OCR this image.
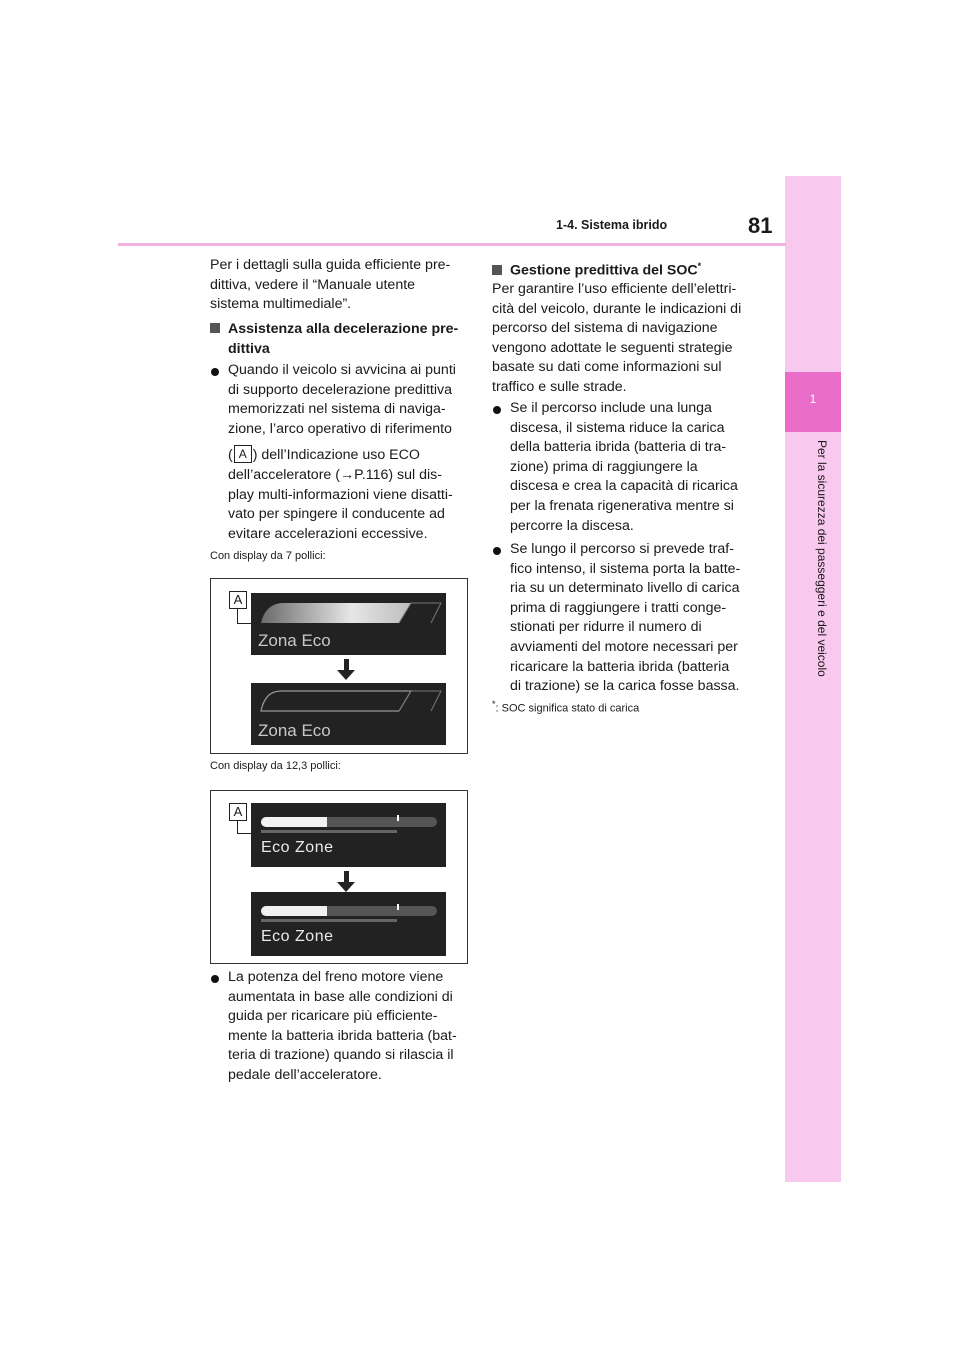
1
Per la sicurezza dei passeggeri e del veicolo
1-4. Sistema ibrido	81
Per i dettagli sulla guida efficiente pre-
dittiva, vedere il “Manuale utente
sistema multimediale”.
Assistenza alla decelerazione pre-
dittiva
Quando il veicolo si avvicina ai punti
di supporto decelerazione predittiva
memorizzati nel sistema di naviga-
zione, l’arco operativo di riferimento
( A ) dell’Indicazione uso ECO
dell’acceleratore (→P.116) sul dis-
play multi-informazioni viene disatti-
vato per spingere il conducente ad
evitare accelerazioni eccessive.
Con display da 7 pollici:
A
Zona Eco
Zona Eco
Con display da 12,3 pollici:
A
Eco Zone
Eco Zone
La potenza del freno motore viene
aumentata in base alle condizioni di
guida per ricaricare più efficiente-
mente la batteria ibrida batteria (bat-
teria di trazione) quando si rilascia il
pedale dell’acceleratore.
Gestione predittiva del SOC*
Per garantire l’uso efficiente dell’elettri-
cità del veicolo, durante le indicazioni di
percorso del sistema di navigazione
vengono adottate le seguenti strategie
basate su dati come informazioni sul
traffico e sulle strade.
Se il percorso include una lunga
discesa, il sistema riduce la carica
della batteria ibrida (batteria di tra-
zione) prima di raggiungere la
discesa e crea la capacità di ricarica
per la frenata rigenerativa mentre si
percorre la discesa.
Se lungo il percorso si prevede traf-
fico intenso, il sistema porta la batte-
ria su un determinato livello di carica
prima di raggiungere i tratti conge-
stionati per ridurre il numero di
avviamenti del motore necessari per
ricaricare la batteria ibrida (batteria
di trazione) se la carica fosse bassa.
*: SOC significa stato di carica
